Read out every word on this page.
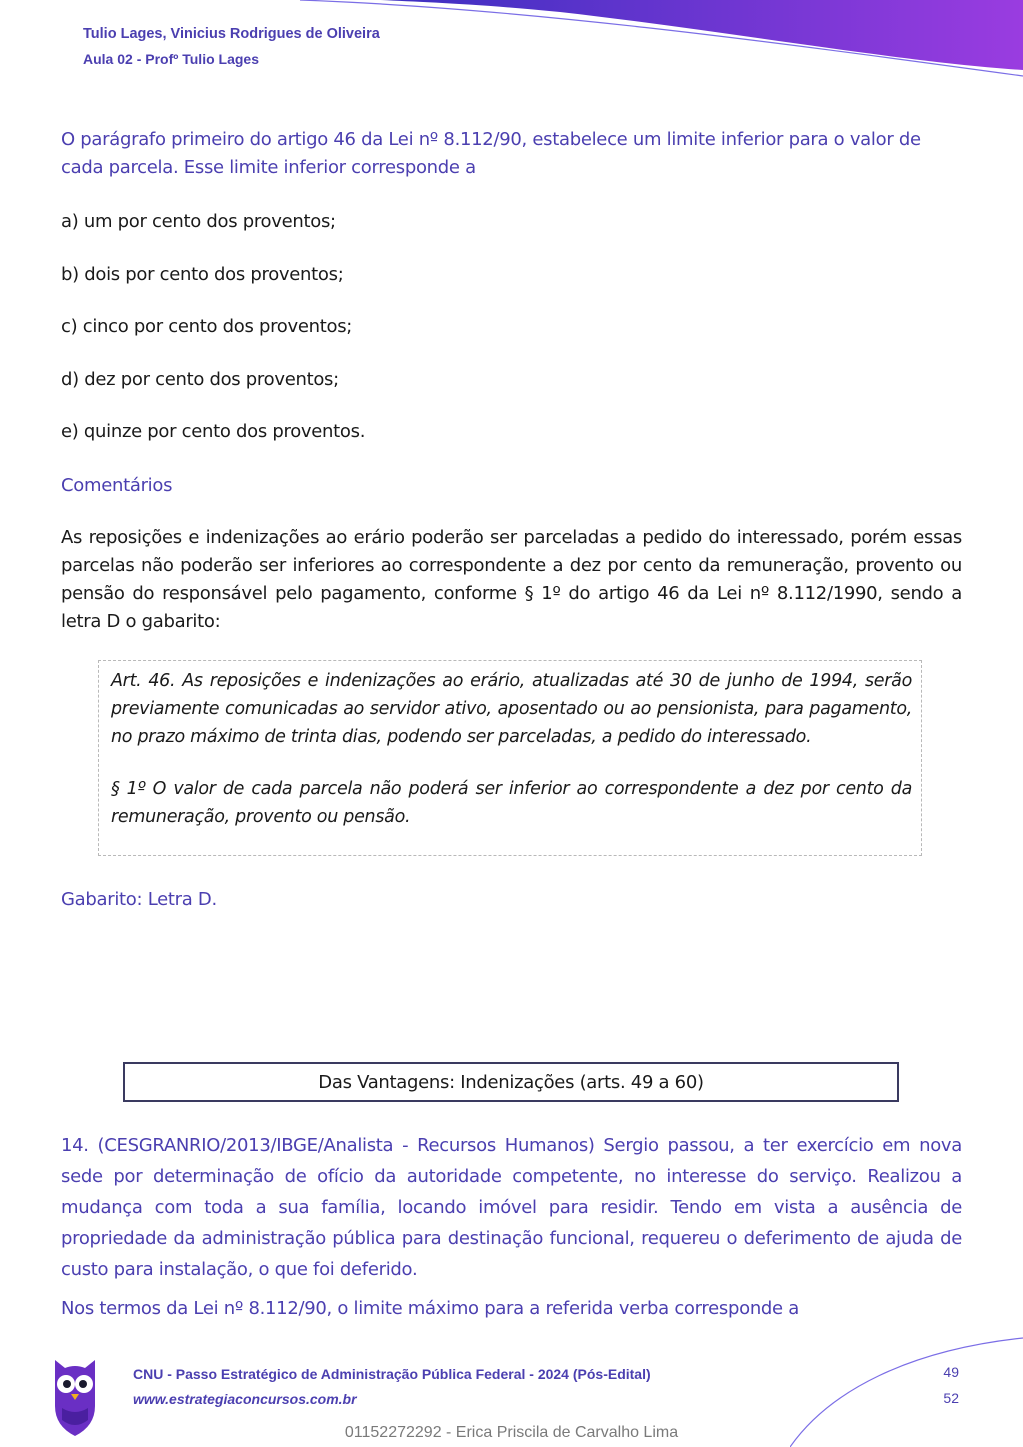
Tulio Lages, Vinicius Rodrigues de Oliveira
Aula 02 - Profº Tulio Lages

O parágrafo primeiro do artigo 46 da Lei nº 8.112/90, estabelece um limite inferior para o valor de cada parcela. Esse limite inferior corresponde a

a) um por cento dos proventos;

b) dois por cento dos proventos;

c) cinco por cento dos proventos;

d) dez por cento dos proventos;

e) quinze por cento dos proventos.

Comentários

As reposições e indenizações ao erário poderão ser parceladas a pedido do interessado, porém essas parcelas não poderão ser inferiores ao correspondente a dez por cento da remuneração, provento ou pensão do responsável pelo pagamento, conforme § 1º do artigo 46 da Lei nº 8.112/1990, sendo a letra D o gabarito:

Art. 46. As reposições e indenizações ao erário, atualizadas até 30 de junho de 1994, serão previamente comunicadas ao servidor ativo, aposentado ou ao pensionista, para pagamento, no prazo máximo de trinta dias, podendo ser parceladas, a pedido do interessado.

§ 1º O valor de cada parcela não poderá ser inferior ao correspondente a dez por cento da remuneração, provento ou pensão.

Gabarito: Letra D.

Das Vantagens: Indenizações (arts. 49 a 60)

14. (CESGRANRIO/2013/IBGE/Analista - Recursos Humanos) Sergio passou, a ter exercício em nova sede por determinação de ofício da autoridade competente, no interesse do serviço. Realizou a mudança com toda a sua família, locando imóvel para residir. Tendo em vista a ausência de propriedade da administração pública para destinação funcional, requereu o deferimento de ajuda de custo para instalação, o que foi deferido.

Nos termos da Lei nº 8.112/90, o limite máximo para a referida verba corresponde a

CNU - Passo Estratégico de Administração Pública Federal - 2024 (Pós-Edital)
www.estrategiaconcursos.com.br
49
52
01152272292 - Erica Priscila de Carvalho Lima
